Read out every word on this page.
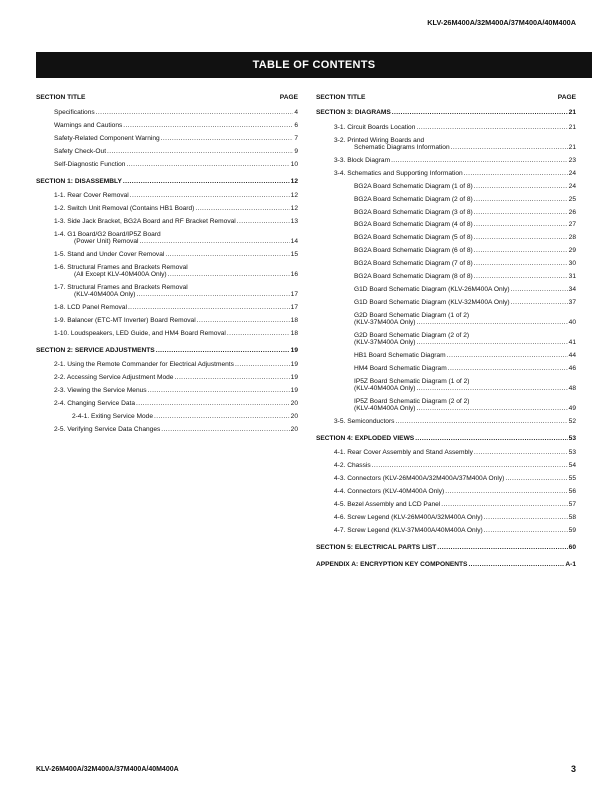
KLV-26M400A/32M400A/37M400A/40M400A
TABLE OF CONTENTS
SECTION TITLE	PAGE
Specifications .....	4
Warnings and Cautions .....	6
Safety-Related Component Warning .....	7
Safety Check-Out .....	9
Self-Diagnostic Function .....	10
SECTION 1: DISASSEMBLY .....	12
1-1. Rear Cover Removal .....	12
1-2. Switch Unit Removal (Contains HB1 Board) .....	12
1-3. Side Jack Bracket, BG2A Board and RF Bracket Removal .....	13
1-4. G1 Board/G2 Board/IP5Z Board
(Power Unit) Removal .....	14
1-5. Stand and Under Cover Removal .....	15
1-6. Structural Frames and Brackets Removal
(All Except KLV-40M400A Only) .....	16
1-7. Structural Frames and Brackets Removal
(KLV-40M400A Only) .....	17
1-8. LCD Panel Removal .....	17
1-9. Balancer (ETC-MT Inverter) Board Removal .....	18
1-10. Loudspeakers, LED Guide, and HM4 Board Removal .....	18
SECTION 2: SERVICE ADJUSTMENTS .....	19
2-1. Using the Remote Commander for Electrical Adjustments .....	19
2-2. Accessing Service Adjustment Mode .....	19
2-3. Viewing the Service Menus .....	19
2-4. Changing Service Data .....	20
2-4-1. Exiting Service Mode .....	20
2-5. Verifying Service Data Changes .....	20
SECTION TITLE	PAGE
SECTION 3: DIAGRAMS .....	21
3-1. Circuit Boards Location .....	21
3-2. Printed Wiring Boards and
Schematic Diagrams Information .....	21
3-3. Block Diagram .....	23
3-4. Schematics and Supporting Information .....	24
BG2A Board Schematic Diagram (1 of 8) .....	24
BG2A Board Schematic Diagram (2 of 8) .....	25
BG2A Board Schematic Diagram (3 of 8) .....	26
BG2A Board Schematic Diagram (4 of 8) .....	27
BG2A Board Schematic Diagram (5 of 8) .....	28
BG2A Board Schematic Diagram (6 of 8) .....	29
BG2A Board Schematic Diagram (7 of 8) .....	30
BG2A Board Schematic Diagram (8 of 8) .....	31
G1D Board Schematic Diagram (KLV-26M400A Only) .....	34
G1D Board Schematic Diagram (KLV-32M400A Only) .....	37
G2D Board Schematic Diagram (1 of 2)
(KLV-37M400A Only) .....	40
G2D Board Schematic Diagram (2 of 2)
(KLV-37M400A Only) .....	41
HB1 Board Schematic Diagram .....	44
HM4 Board Schematic Diagram .....	46
IP5Z Board Schematic Diagram (1 of 2)
(KLV-40M400A Only) .....	48
IP5Z Board Schematic Diagram (2 of 2)
(KLV-40M400A Only) .....	49
3-5. Semiconductors .....	52
SECTION 4: EXPLODED VIEWS .....	53
4-1. Rear Cover Assembly and Stand Assembly .....	53
4-2. Chassis .....	54
4-3. Connectors (KLV-26M400A/32M400A/37M400A Only) .....	55
4-4. Connectors (KLV-40M400A Only) .....	56
4-5. Bezel Assembly and LCD Panel .....	57
4-6. Screw Legend (KLV-26M400A/32M400A Only) .....	58
4-7. Screw Legend (KLV-37M400A/40M400A Only) .....	59
SECTION 5: ELECTRICAL PARTS LIST .....	60
APPENDIX A: ENCRYPTION KEY COMPONENTS .....	A-1
KLV-26M400A/32M400A/37M400A/40M400A	3
